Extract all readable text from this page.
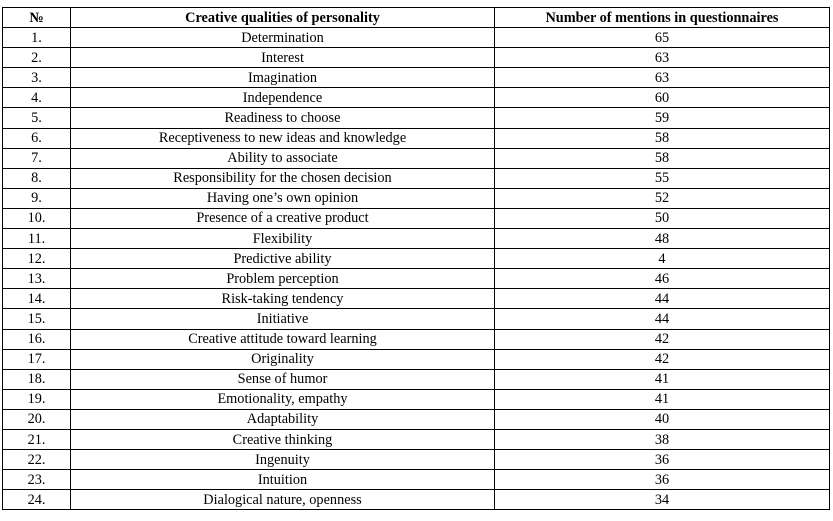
№	Creative qualities of personality	Number of mentions in questionnaires
1.	Determination	65
2.	Interest	63
3.	Imagination	63
4.	Independence	60
5.	Readiness to choose	59
6.	Receptiveness to new ideas and knowledge	58
7.	Ability to associate	58
8.	Responsibility for the chosen decision	55
9.	Having one’s own opinion	52
10.	Presence of a creative product	50
11.	Flexibility	48
12.	Predictive ability	4
13.	Problem perception	46
14.	Risk-taking tendency	44
15.	Initiative	44
16.	Creative attitude toward learning	42
17.	Originality	42
18.	Sense of humor	41
19.	Emotionality, empathy	41
20.	Adaptability	40
21.	Creative thinking	38
22.	Ingenuity	36
23.	Intuition	36
24.	Dialogical nature, openness	34
